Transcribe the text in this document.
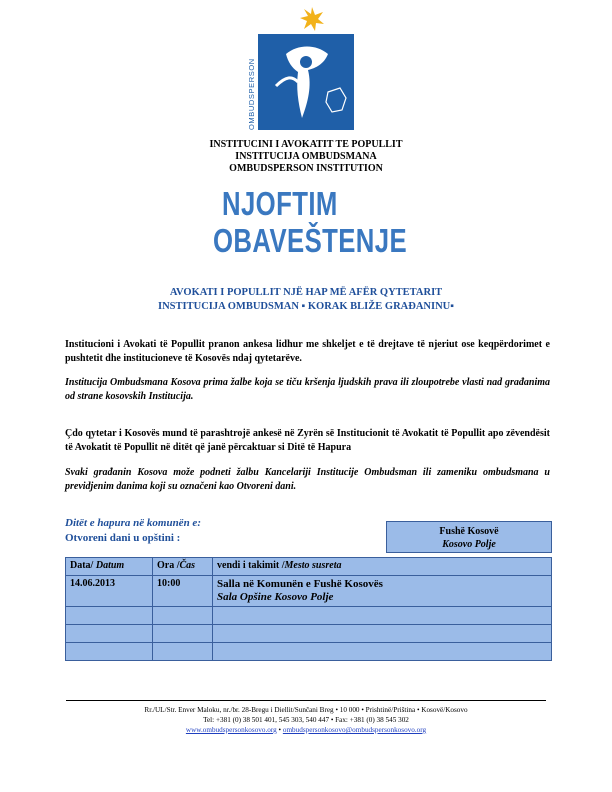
OMBUDSPERSON
INSTITUCINI I AVOKATIT TE POPULLIT
INSTITUCIJA OMBUDSMANA
OMBUDSPERSON INSTITUTION
NJOFTIM
OBAVEŠTENJE
AVOKATI I POPULLIT NJË HAP MË AFËR QYTETARIT
INSTITUCIJA OMBUDSMAN ▪ KORAK BLIŽE GRAĐANINU▪
Institucioni i Avokati të Popullit pranon ankesa lidhur me shkeljet e të drejtave të njeriut ose keqpërdorimet e pushtetit dhe institucioneve të Kosovës ndaj qytetarëve.
Institucija Ombudsmana Kosova prima žalbe koja se tiču kršenja ljudskih prava ili zloupotrebe vlasti nad građanima od strane kosovskih Institucija.
Çdo qytetar i Kosovës mund të parashtrojë ankesë në Zyrën së Institucionit të Avokatit të Popullit apo zëvendësit të Avokatit të Popullit në ditët që janë përcaktuar si Ditë të Hapura
Svaki građanin Kosova može podneti žalbu Kancelariji Institucije Ombudsman ili zameniku ombudsmana u previdjenim danima koji su označeni kao Otvoreni dani.
Ditët e hapura në komunën e:
Otvoreni dani u opštini :
Fushë Kosovë
Kosovo Polje
Data/ Datum	Ora /Čas	vendi i takimit /Mesto susreta
14.06.2013	10:00	Salla në Komunën e Fushë Kosovës
Sala Opšine Kosovo Polje

Rr./UL/Str. Enver Maloku, nr./br. 28-Bregu i Diellit/Sunčani Breg • 10 000 • Prishtinë/Priština • Kosovë/Kosovo
Tel: +381 (0) 38 501 401, 545 303, 540 447 • Fax: +381 (0) 38 545 302
www.ombudspersonkosovo.org • ombudspersonkosovo@ombudspersonkosovo.org
